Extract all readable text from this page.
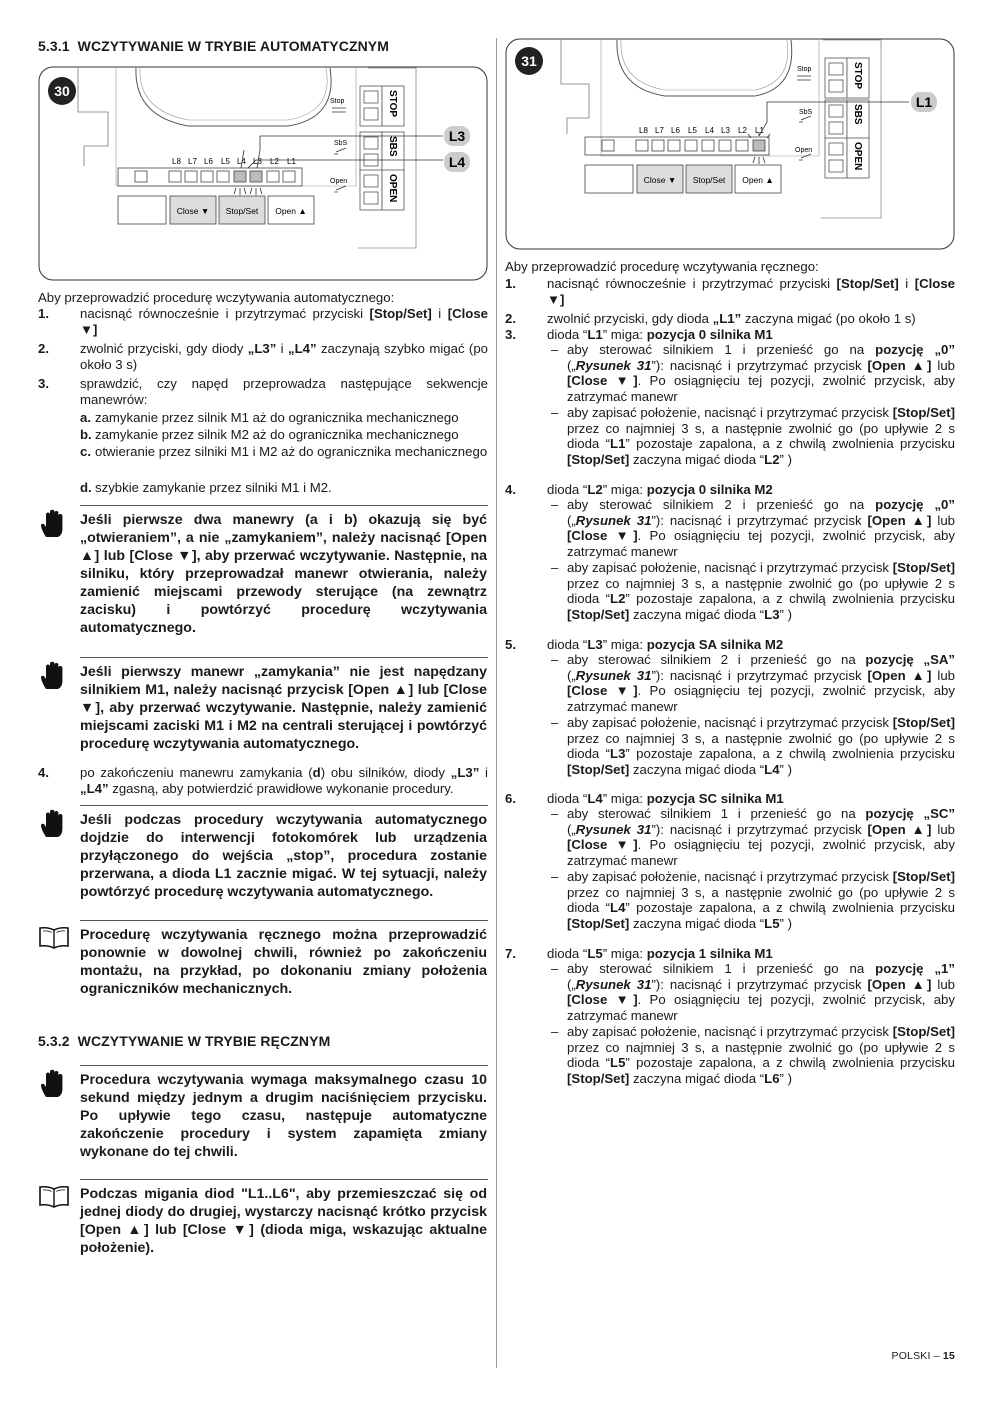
5.3.1 WCZYTYWANIE W TRYBIE AUTOMATYCZNYM
30	STOP
SBS
OPEN
Stop
SbS
Open
L8 L7 L6 L5 L4 L3 L2 L1
L3
L4
Close ▼ Stop/Set Open ▲
Aby przeprowadzić procedurę wczytywania automatycznego:
1. nacisnąć równocześnie i przytrzymać przyciski [Stop/Set] i [Close ▼]
2. zwolnić przyciski, gdy diody „L3” i „L4” zaczynają szybko migać (po około 3 s)
3. sprawdzić, czy napęd przeprowadza następujące sekwencje manewrów:
a. zamykanie przez silnik M1 aż do ogranicznika mechanicznego
b. zamykanie przez silnik M2 aż do ogranicznika mechanicznego
c. otwieranie przez silniki M1 i M2 aż do ogranicznika mechanicznego
d. szybkie zamykanie przez silniki M1 i M2.
Jeśli pierwsze dwa manewry (a i b) okazują się być „otwieraniem”, a nie „zamykaniem”, należy nacisnąć [Open ▲] lub [Close ▼], aby przerwać wczytywanie. Następnie, na silniku, który przeprowadzał manewr otwierania, należy zamienić miejscami przewody sterujące (na zewnątrz zacisku) i powtórzyć procedurę wczytywania automatycznego.
Jeśli pierwszy manewr „zamykania” nie jest napędzany silnikiem M1, należy nacisnąć przycisk [Open ▲] lub [Close ▼], aby przerwać wczytywanie. Następnie, należy zamienić miejscami zaciski M1 i M2 na centrali sterującej i powtórzyć procedurę wczytywania automatycznego.
4. po zakończeniu manewru zamykania (d) obu silników, diody „L3” i „L4” zgasną, aby potwierdzić prawidłowe wykonanie procedury.
Jeśli podczas procedury wczytywania automatycznego dojdzie do interwencji fotokomórek lub urządzenia przyłączonego do wejścia „stop”, procedura zostanie przerwana, a dioda L1 zacznie migać. W tej sytuacji, należy powtórzyć procedurę wczytywania automatycznego.
Procedurę wczytywania ręcznego można przeprowadzić ponownie w dowolnej chwili, również po zakończeniu montażu, na przykład, po dokonaniu zmiany położenia ograniczników mechanicznych.
5.3.2 WCZYTYWANIE W TRYBIE RĘCZNYM
Procedura wczytywania wymaga maksymalnego czasu 10 sekund między jednym a drugim naciśnięciem przycisku. Po upływie tego czasu, następuje automatyczne zakończenie procedury i system zapamięta zmiany wykonane do tej chwili.
Podczas migania diod "L1..L6", aby przemieszczać się od jednej diody do drugiej, wystarczy nacisnąć krótko przycisk [Open ▲] lub [Close ▼] (dioda miga, wskazując aktualne położenie).
31
STOP
SBS
OPEN
Stop
SbS
Open
L8 L7 L6 L5 L4 L3 L2 L1
L1
Close ▼ Stop/Set Open ▲
Aby przeprowadzić procedurę wczytywania ręcznego:
1. nacisnąć równocześnie i przytrzymać przyciski [Stop/Set] i [Close ▼]
2. zwolnić przyciski, gdy dioda „L1” zaczyna migać (po około 1 s)
3. dioda “L1” miga: pozycja 0 silnika M1
– aby sterować silnikiem 1 i przenieść go na pozycję „0” („Rysunek 31”): nacisnąć i przytrzymać przycisk [Open ▲] lub [Close ▼]. Po osiągnięciu tej pozycji, zwolnić przycisk, aby zatrzymać manewr
– aby zapisać położenie, nacisnąć i przytrzymać przycisk [Stop/Set] przez co najmniej 3 s, a następnie zwolnić go (po upływie 2 s dioda “L1” pozostaje zapalona, a z chwilą zwolnienia przycisku [Stop/Set] zaczyna migać dioda “L2” )
4. dioda “L2” miga: pozycja 0 silnika M2
– aby sterować silnikiem 2 i przenieść go na pozycję „0” („Rysunek 31”): nacisnąć i przytrzymać przycisk [Open ▲] lub [Close ▼]. Po osiągnięciu tej pozycji, zwolnić przycisk, aby zatrzymać manewr
– aby zapisać położenie, nacisnąć i przytrzymać przycisk [Stop/Set] przez co najmniej 3 s, a następnie zwolnić go (po upływie 2 s dioda “L2” pozostaje zapalona, a z chwilą zwolnienia przycisku [Stop/Set] zaczyna migać dioda “L3” )
5. dioda “L3” miga: pozycja SA silnika M2
– aby sterować silnikiem 2 i przenieść go na pozycję „SA” („Rysunek 31”): nacisnąć i przytrzymać przycisk [Open ▲] lub [Close ▼]. Po osiągnięciu tej pozycji, zwolnić przycisk, aby zatrzymać manewr
– aby zapisać położenie, nacisnąć i przytrzymać przycisk [Stop/Set] przez co najmniej 3 s, a następnie zwolnić go (po upływie 2 s dioda “L3” pozostaje zapalona, a z chwilą zwolnienia przycisku [Stop/Set] zaczyna migać dioda “L4” )
6. dioda “L4” miga: pozycja SC silnika M1
– aby sterować silnikiem 1 i przenieść go na pozycję „SC” („Rysunek 31”): nacisnąć i przytrzymać przycisk [Open ▲] lub [Close ▼]. Po osiągnięciu tej pozycji, zwolnić przycisk, aby zatrzymać manewr
– aby zapisać położenie, nacisnąć i przytrzymać przycisk [Stop/Set] przez co najmniej 3 s, a następnie zwolnić go (po upływie 2 s dioda “L4” pozostaje zapalona, a z chwilą zwolnienia przycisku [Stop/Set] zaczyna migać dioda “L5” )
7. dioda “L5” miga: pozycja 1 silnika M1
– aby sterować silnikiem 1 i przenieść go na pozycję „1” („Rysunek 31”): nacisnąć i przytrzymać przycisk [Open ▲] lub [Close ▼]. Po osiągnięciu tej pozycji, zwolnić przycisk, aby zatrzymać manewr
– aby zapisać położenie, nacisnąć i przytrzymać przycisk [Stop/Set] przez co najmniej 3 s, a następnie zwolnić go (po upływie 2 s dioda “L5” pozostaje zapalona, a z chwilą zwolnienia przycisku [Stop/Set] zaczyna migać dioda “L6” )
POLSKI – 15
